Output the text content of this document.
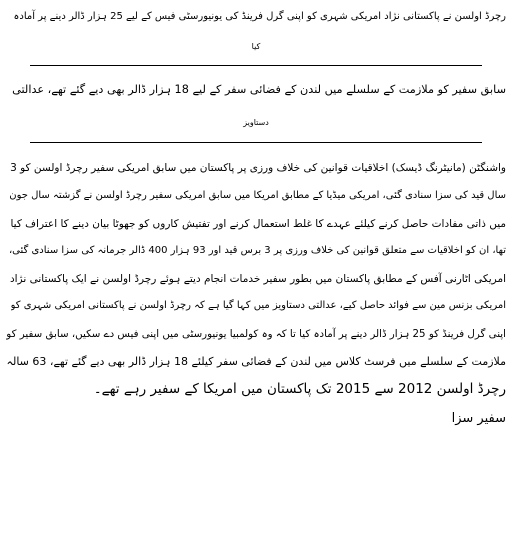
رچرڈ اولسن نے پاکستانی نژاد امریکی شہری کو اپنی گرل فرینڈ کی یونیورسٹی فیس کے لیے 25 ہزار ڈالر دینے پر آمادہ
کیا
سابق سفیر کو ملازمت کے سلسلے میں لندن کے فضائی سفر کے لیے 18 ہزار ڈالر بھی دیے گئے تھے، عدالتی
دستاویز
واشنگٹن (مانیٹرنگ ڈیسک) اخلاقیات قوانین کی خلاف ورزی پر پاکستان میں سابق امریکی سفیر رچرڈ اولسن کو 3
سال قید کی سزا سنادی گئی، امریکی میڈیا کے مطابق امریکا میں سابق امریکی سفیر رچرڈ اولسن نے گزشتہ سال جون
میں ذاتی مفادات حاصل کرنے کیلئے عہدے کا غلط استعمال کرنے اور تفتیش کاروں کو جھوٹا بیان دینے کا اعتراف کیا
تھا، ان کو اخلاقیات سے متعلق قوانین کی خلاف ورزی پر 3 برس قید اور 93 ہزار 400 ڈالر جرمانہ کی سزا سنادی گئی،
امریکی اٹارنی آفس کے مطابق پاکستان میں بطور سفیر خدمات انجام دیتے ہوئے رچرڈ اولسن نے ایک پاکستانی نژاد
امریکی بزنس مین سے فوائد حاصل کیے، عدالتی دستاویز میں کہا گیا ہے کہ رچرڈ اولسن نے پاکستانی امریکی شہری کو
اپنی گرل فرینڈ کو 25 ہزار ڈالر دینے پر آمادہ کیا تا کہ وہ کولمبیا یونیورسٹی میں اپنی فیس دے سکیں، سابق سفیر کو
ملازمت کے سلسلے میں فرسٹ کلاس میں لندن کے فضائی سفر کیلئے 18 ہزار ڈالر بھی دیے گئے تھے، 63 سالہ
رچرڈ اولسن 2012 سے 2015 تک پاکستان میں امریکا کے سفیر رہے تھے۔
سفیر سزا
